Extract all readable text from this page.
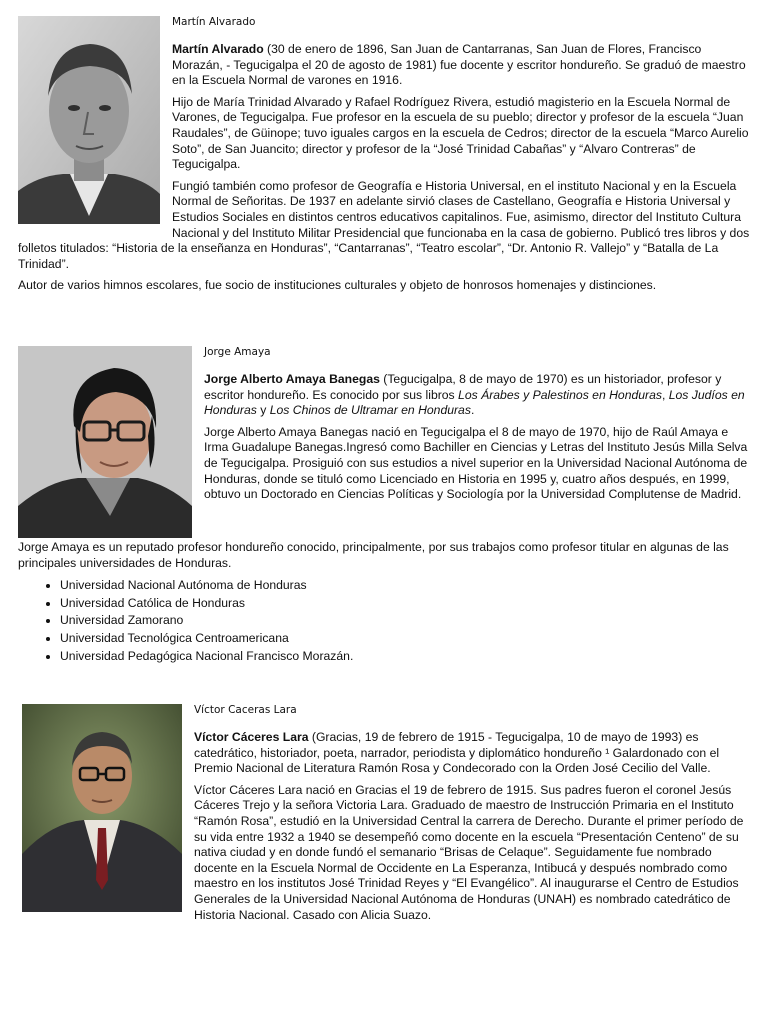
Martín Alvarado

Martín Alvarado (30 de enero de 1896, San Juan de Cantarranas, San Juan de Flores, Francisco Morazán, - Tegucigalpa el 20 de agosto de 1981) fue docente y escritor hondureño. Se graduó de maestro en la Escuela Normal de varones en 1916.

Hijo de María Trinidad Alvarado y Rafael Rodríguez Rivera, estudió magisterio en la Escuela Normal de Varones, de Tegucigalpa. Fue profesor en la escuela de su pueblo; director y profesor de la escuela “Juan Raudales”, de Güinope; tuvo iguales cargos en la escuela de Cedros; director de la escuela “Marco Aurelio Soto”, de San Juancito; director y profesor de la “José Trinidad Cabañas” y “Alvaro Contreras” de Tegucigalpa.

Fungió también como profesor de Geografía e Historia Universal, en el instituto Nacional y en la Escuela Normal de Señoritas. De 1937 en adelante sirvió clases de Castellano, Geografía e Historia Universal y Estudios Sociales en distintos centros educativos capitalinos. Fue, asimismo, director del Instituto Cultura Nacional y del Instituto Militar Presidencial que funcionaba en la casa de gobierno. Publicó tres libros y dos folletos titulados: “Historia de la enseñanza en Honduras”, “Cantarranas”, “Teatro escolar”, “Dr. Antonio R. Vallejo” y “Batalla de La Trinidad”.

Autor de varios himnos escolares, fue socio de instituciones culturales y objeto de honrosos homenajes y distinciones.

Jorge Amaya

Jorge Alberto Amaya Banegas (Tegucigalpa, 8 de mayo de 1970) es un historiador, profesor y escritor hondureño. Es conocido por sus libros Los Árabes y Palestinos en Honduras, Los Judíos en Honduras y Los Chinos de Ultramar en Honduras.

Jorge Alberto Amaya Banegas nació en Tegucigalpa el 8 de mayo de 1970, hijo de Raúl Amaya e Irma Guadalupe Banegas.Ingresó como Bachiller en Ciencias y Letras del Instituto Jesús Milla Selva de Tegucigalpa. Prosiguió con sus estudios a nivel superior en la Universidad Nacional Autónoma de Honduras, donde se tituló como Licenciado en Historia en 1995 y, cuatro años después, en 1999, obtuvo un Doctorado en Ciencias Políticas y Sociología por la Universidad Complutense de Madrid.

Jorge Amaya es un reputado profesor hondureño conocido, principalmente, por sus trabajos como profesor titular en algunas de las principales universidades de Honduras.

• Universidad Nacional Autónoma de Honduras
• Universidad Católica de Honduras
• Universidad Zamorano
• Universidad Tecnológica Centroamericana
• Universidad Pedagógica Nacional Francisco Morazán.
Víctor Caceras Lara

Víctor Cáceres Lara (Gracias, 19 de febrero de 1915 - Tegucigalpa, 10 de mayo de 1993) es catedrático, historiador, poeta, narrador, periodista y diplomático hondureño ¹ Galardonado con el Premio Nacional de Literatura Ramón Rosa y Condecorado con la Orden José Cecilio del Valle.

Víctor Cáceres Lara nació en Gracias el 19 de febrero de 1915. Sus padres fueron el coronel Jesús Cáceres Trejo y la señora Victoria Lara. Graduado de maestro de Instrucción Primaria en el Instituto “Ramón Rosa”, estudió en la Universidad Central la carrera de Derecho. Durante el primer período de su vida entre 1932 a 1940 se desempeñó como docente en la escuela “Presentación Centeno” de su nativa ciudad y en donde fundó el semanario “Brisas de Celaque”. Seguidamente fue nombrado docente en la Escuela Normal de Occidente en La Esperanza, Intibucá y después nombrado como maestro en los institutos José Trinidad Reyes y “El Evangélico”. Al inaugurarse el Centro de Estudios Generales de la Universidad Nacional Autónoma de Honduras (UNAH) es nombrado catedrático de Historia Nacional. Casado con Alicia Suazo.
